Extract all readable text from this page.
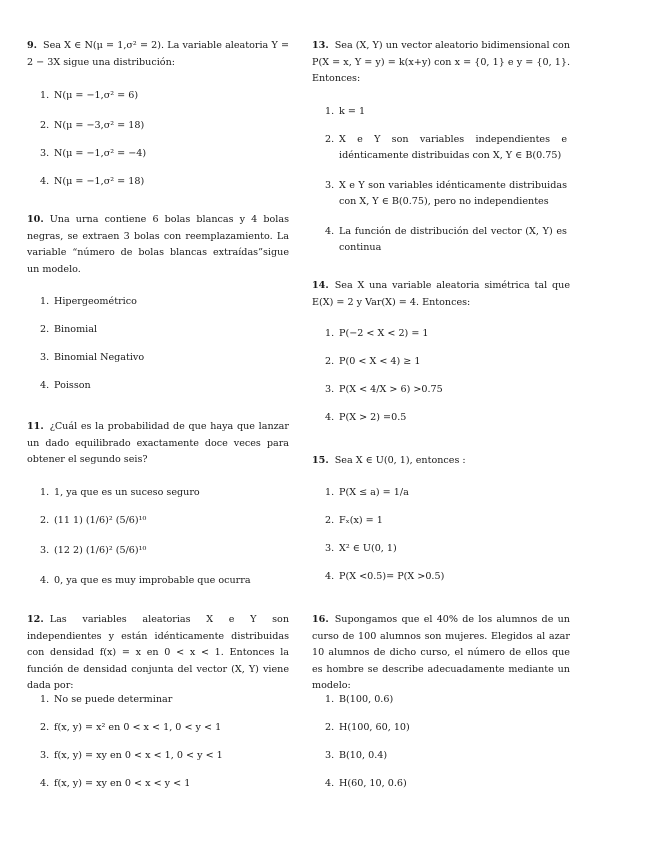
9. Sea X ∈ N(μ = 1,σ² = 2). La variable aleatoria Y = 2 − 3X sigue una distribución:

1. N(μ = −1,σ² = 6)
2. N(μ = −3,σ² = 18)
3. N(μ = −1,σ² = −4)
4. N(μ = −1,σ² = 18)

10. Una urna contiene 6 bolas blancas y 4 bolas negras, se extraen 3 bolas con reemplazamiento. La variable “número de bolas blancas extraídas”sigue un modelo.

1. Hipergeométrico
2. Binomial
3. Binomial Negativo
4. Poisson

11. ¿Cuál es la probabilidad de que haya que lanzar un dado equilibrado exactamente doce veces para obtener el segundo seis?

1. 1, ya que es un suceso seguro
2. (11 1) (1/6)² (5/6)¹⁰
3. (12 2) (1/6)² (5/6)¹⁰
4. 0, ya que es muy improbable que ocurra

12. Las variables aleatorias X e Y son independientes y están idénticamente distribuidas con densidad f(x) = x en 0 < x < 1. Entonces la función de densidad conjunta del vector (X, Y) viene dada por:

1. No se puede determinar
2. f(x, y) = x² en 0 < x < 1, 0 < y < 1
3. f(x, y) = xy en 0 < x < 1, 0 < y < 1
4. f(x, y) = xy en 0 < x < y < 1

13. Sea (X, Y) un vector aleatorio bidimensional con P(X = x, Y = y) = k(x+y) con x = {0, 1} e y = {0, 1}. Entonces:

1. k = 1
2. X e Y son variables independientes e idénticamente distribuidas con X, Y ∈ B(0.75)
3. X e Y son variables idénticamente distribuidas con X, Y ∈ B(0.75), pero no independientes
4. La función de distribución del vector (X, Y) es continua

14. Sea X una variable aleatoria simétrica tal que E(X) = 2 y Var(X) = 4. Entonces:

1. P(−2 < X < 2) = 1
2. P(0 < X < 4) ≥ 1
3. P(X < 4/X > 6) >0.75
4. P(X > 2) =0.5

15. Sea X ∈ U(0, 1), entonces :

1. P(X ≤ a) = 1/a
2. Fₓ(x) = 1
3. X² ∈ U(0, 1)
4. P(X <0.5)= P(X >0.5)

16. Supongamos que el 40% de los alumnos de un curso de 100 alumnos son mujeres. Elegidos al azar 10 alumnos de dicho curso, el número de ellos que es hombre se describe adecuadamente mediante un modelo:

1. B(100, 0.6)
2. H(100, 60, 10)
3. B(10, 0.4)
4. H(60, 10, 0.6)
